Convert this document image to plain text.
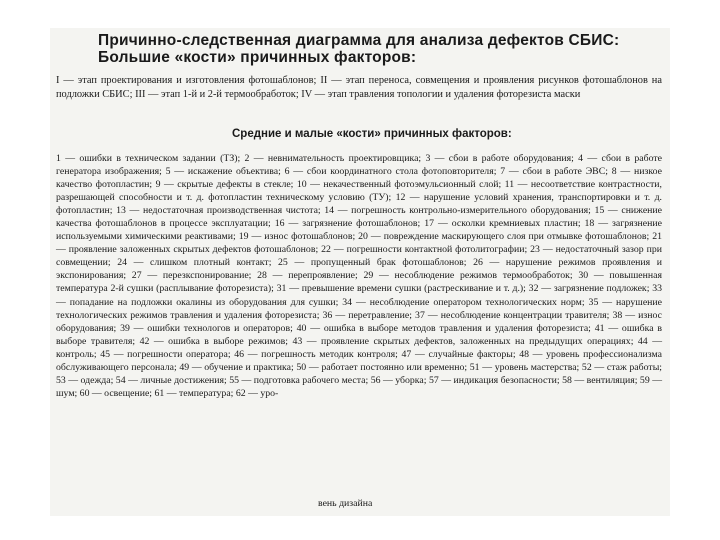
Причинно-следственная диаграмма для анализа дефектов СБИС:
Большие «кости» причинных факторов:
I — этап проектирования и изготовления фотошаблонов; II — этап переноса, совмещения и проявления рисунков фотошаблонов на подложки СБИС; III — этап 1-й и 2-й термообработок; IV — этап травления топологии и удаления фоторезиста маски
Средние и малые «кости» причинных факторов:
1 — ошибки в техническом задании (ТЗ); 2 — невнимательность проектировщика; 3 — сбои в работе оборудования; 4 — сбои в работе генератора изображения; 5 — искажение объектива; 6 — сбои координатного стола фотоповторителя; 7 — сбои в работе ЭВС; 8 — низкое качество фотопластин; 9 — скрытые дефекты в стекле; 10 — некачественный фотоэмульсионный слой; 11 — несоответствие контрастности, разрешающей способности и т. д. фотопластин техническому условию (ТУ); 12 — нарушение условий хранения, транспортировки и т. д. фотопластин; 13 — недостаточная производственная чистота; 14 — погрешность контрольно-измерительного оборудования; 15 — снижение качества фотошаблонов в процессе эксплуатации; 16 — загрязнение фотошаблонов; 17 — осколки кремниевых пластин; 18 — загрязнение используемыми химическими реактивами; 19 — износ фотошаблонов; 20 — повреждение маскирующего слоя при отмывке фотошаблонов; 21 — проявление заложенных скрытых дефектов фотошаблонов; 22 — погрешности контактной фотолитографии; 23 — недостаточный зазор при совмещении; 24 — слишком плотный контакт; 25 — пропущенный брак фотошаблонов; 26 — нарушение режимов проявления и экспонирования; 27 — перезкспонирование; 28 — перепроявление; 29 — несоблюдение режимов термообработок; 30 — повышенная температура 2-й сушки (расплывание фоторезиста); 31 — превышение времени сушки (растрескивание и т. д.); 32 — загрязнение подложек; 33 — попадание на подложки окалины из оборудования для сушки; 34 — несоблюдение оператором технологических норм; 35 — нарушение технологических режимов травления и удаления фоторезиста; 36 — перетравление; 37 — несоблюдение концентрации травителя; 38 — износ оборудования; 39 — ошибки технологов и операторов; 40 — ошибка в выборе методов травления и удаления фоторезиста; 41 — ошибка в выборе травителя; 42 — ошибка в выборе режимов; 43 — проявление скрытых дефектов, заложенных на предыдущих операциях; 44 — контроль; 45 — погрешности оператора; 46 — погрешность методик контроля; 47 — случайные факторы; 48 — уровень профессионализма обслуживающего персонала; 49 — обучение и практика; 50 — работает постоянно или временно; 51 — уровень мастерства; 52 — стаж работы; 53 — одежда; 54 — личные достижения; 55 — подготовка рабочего места; 56 — уборка; 57 — индикация безопасности; 58 — вентиляция; 59 — шум; 60 — освещение; 61 — температура; 62 — уро-
вень дизайна
